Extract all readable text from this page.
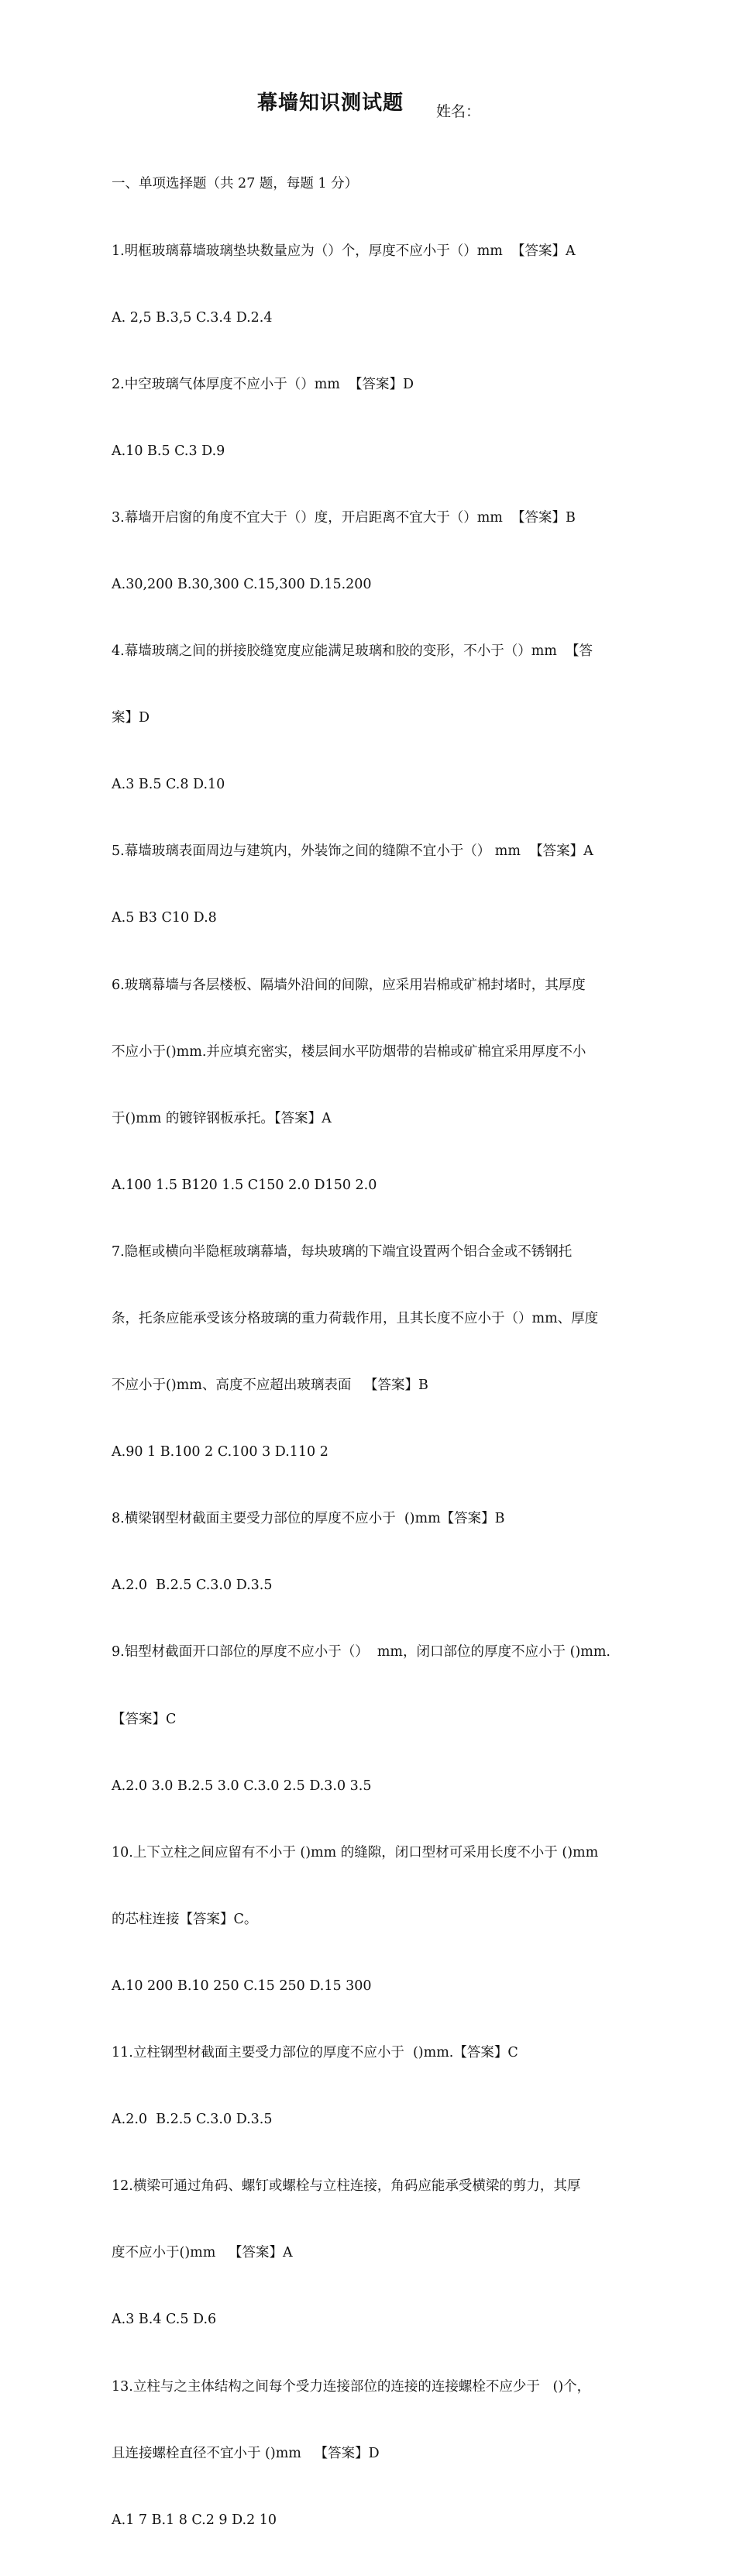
幕墙知识测试题 姓名：

一、单项选择题（共 27 题，每题 1 分）

1.明框玻璃幕墙玻璃垫块数量应为（）个，厚度不应小于（）mm  【答案】A

A. 2,5 B.3,5 C.3.4 D.2.4

2.中空玻璃气体厚度不应小于（）mm  【答案】D

A.10 B.5 C.3 D.9

3.幕墙开启窗的角度不宜大于（）度，开启距离不宜大于（）mm  【答案】B

A.30,200 B.30,300 C.15,300 D.15.200

4.幕墙玻璃之间的拼接胶缝宽度应能满足玻璃和胶的变形，不小于（）mm  【答

案】D

A.3 B.5 C.8 D.10

5.幕墙玻璃表面周边与建筑内，外装饰之间的缝隙不宜小于（） mm  【答案】A

A.5 B3 C10 D.8

6.玻璃幕墙与各层楼板、隔墙外沿间的间隙，应采用岩棉或矿棉封堵时，其厚度

不应小于()mm.并应填充密实，楼层间水平防烟带的岩棉或矿棉宜采用厚度不小

于()mm 的镀锌钢板承托。【答案】A

A.100 1.5 B120 1.5 C150 2.0 D150 2.0

7.隐框或横向半隐框玻璃幕墙，每块玻璃的下端宜设置两个铝合金或不锈钢托

条，托条应能承受该分格玻璃的重力荷载作用，且其长度不应小于（）mm、厚度

不应小于()mm、高度不应超出玻璃表面   【答案】B

A.90 1 B.100 2 C.100 3 D.110 2

8.横梁钢型材截面主要受力部位的厚度不应小于  ()mm【答案】B

A.2.0  B.2.5 C.3.0 D.3.5

9.铝型材截面开口部位的厚度不应小于（）  mm，闭口部位的厚度不应小于 ()mm.

【答案】C

A.2.0 3.0 B.2.5 3.0 C.3.0 2.5 D.3.0 3.5

10.上下立柱之间应留有不小于 ()mm 的缝隙，闭口型材可采用长度不小于 ()mm

的芯柱连接【答案】C。

A.10 200 B.10 250 C.15 250 D.15 300

11.立柱钢型材截面主要受力部位的厚度不应小于  ()mm.【答案】C

A.2.0  B.2.5 C.3.0 D.3.5

12.横梁可通过角码、螺钉或螺栓与立柱连接，角码应能承受横梁的剪力，其厚

度不应小于()mm   【答案】A

A.3 B.4 C.5 D.6

13.立柱与之主体结构之间每个受力连接部位的连接的连接螺栓不应少于   ()个，

且连接螺栓直径不宜小于 ()mm   【答案】D

A.1 7 B.1 8 C.2 9 D.2 10
